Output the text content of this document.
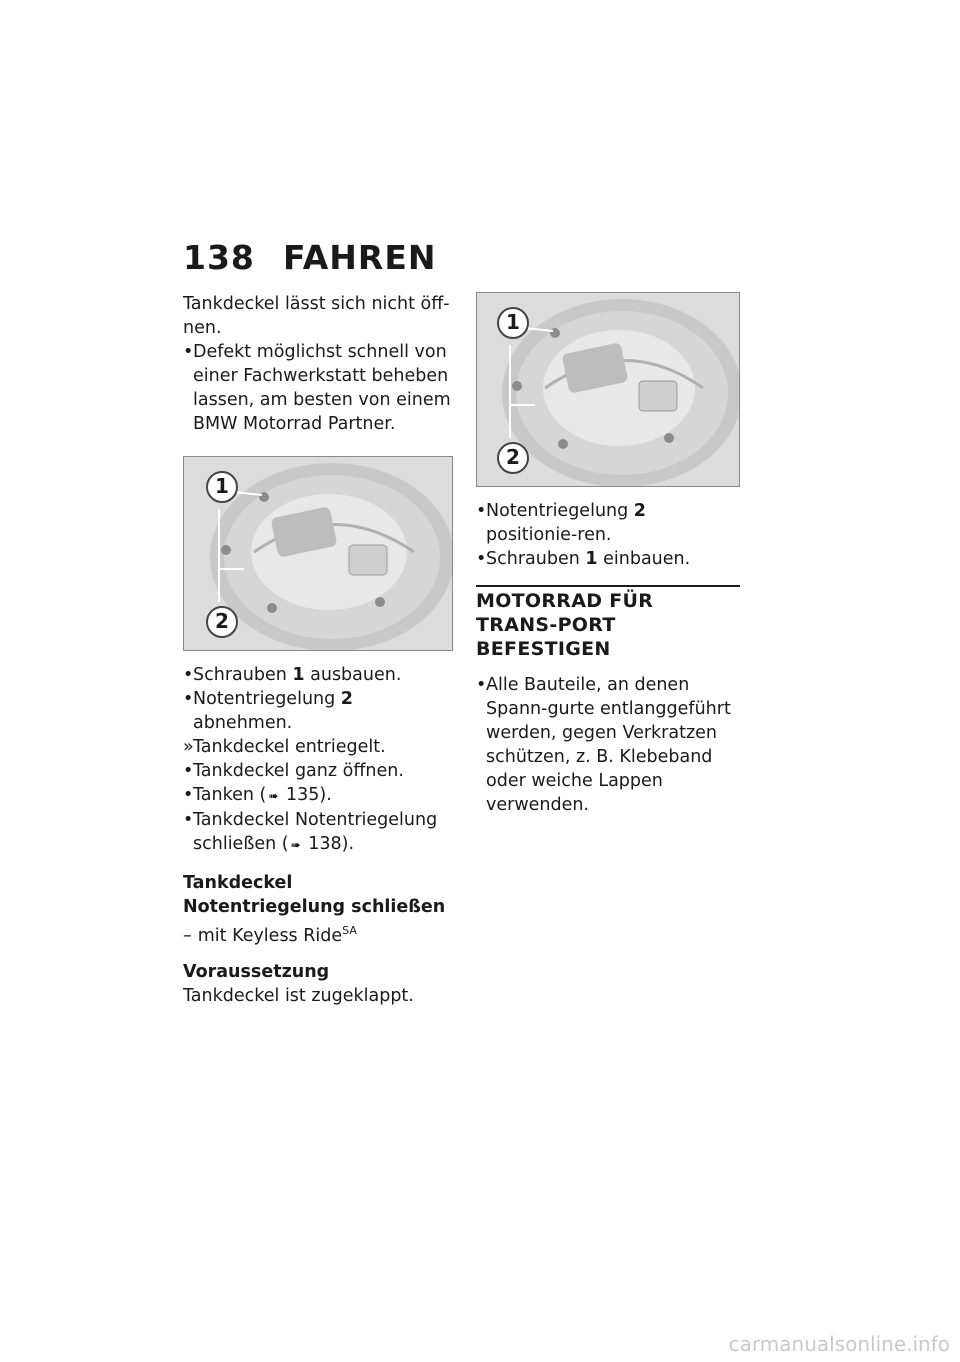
138 FAHREN

Tankdeckel lässt sich nicht öff-nen.

• Defekt möglichst schnell von einer Fachwerkstatt beheben lassen, am besten von einem BMW Motorrad Partner.
1
2
• Schrauben 1 ausbauen.
• Notentriegelung 2 abnehmen.
» Tankdeckel entriegelt.
• Tankdeckel ganz öffnen.
• Tanken ( ➠ 135).
• Tankdeckel Notentriegelung schließen ( ➠ 138).

Tankdeckel Notentriegelung schließen

– mit Keyless Ride$^{SA}$

Voraussetzung

Tankdeckel ist zugeklappt.

1
2
• Notentriegelung 2 positionie-ren.
• Schrauben 1 einbauen.
MOTORRAD FÜR TRANS-PORT BEFESTIGEN
• Alle Bauteile, an denen Spann-gurte entlanggeführt werden, gegen Verkratzen schützen, z. B. Klebeband oder weiche Lappen verwenden.
carmanualsonline.info
